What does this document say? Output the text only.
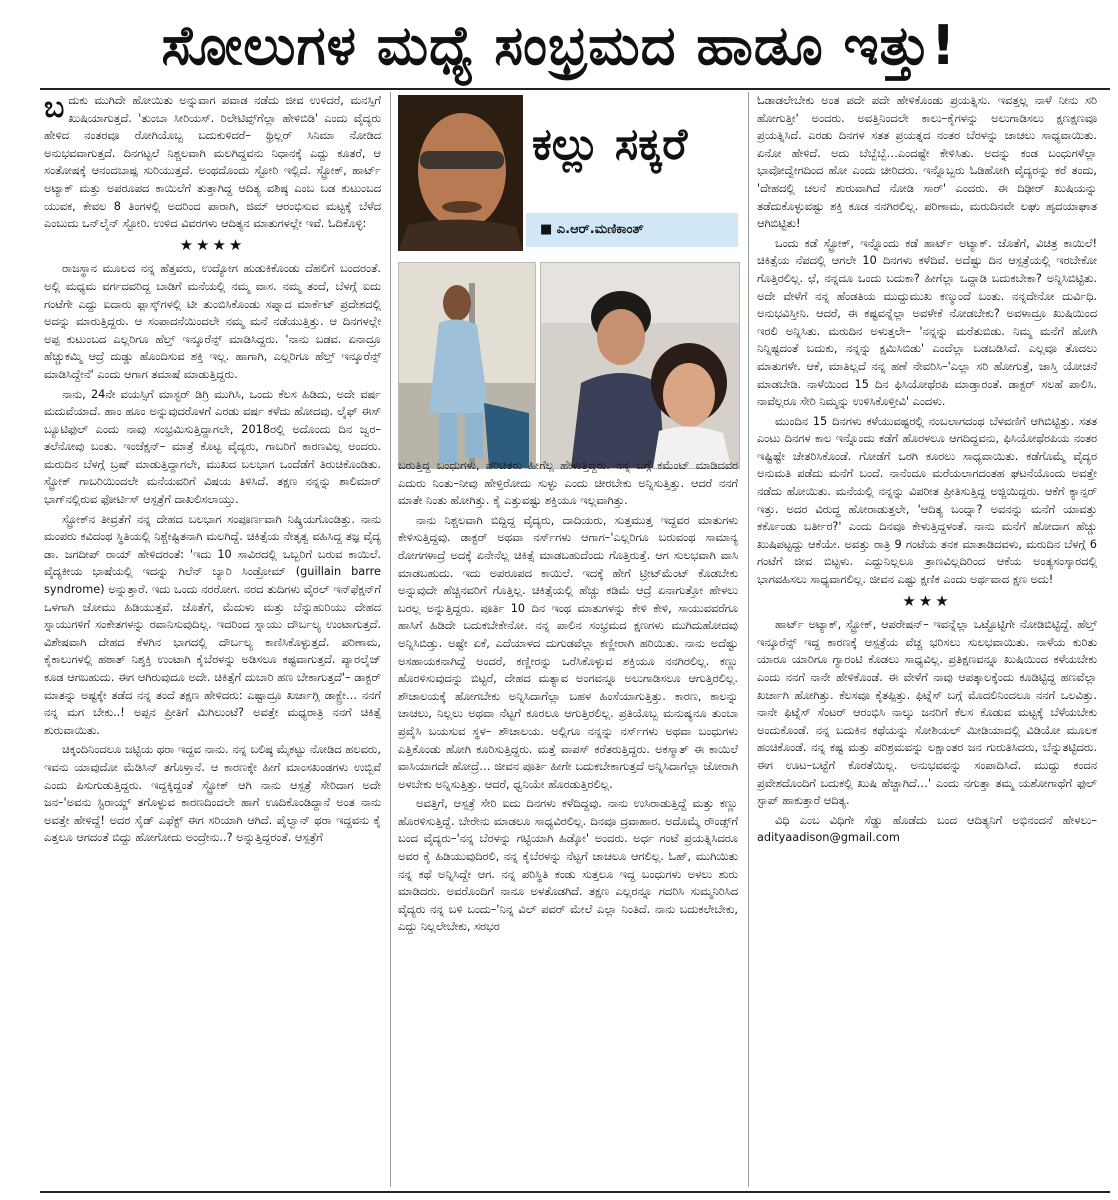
ಸೋಲುಗಳ ಮಧ್ಯೆ ಸಂಭ್ರಮದ ಹಾಡೂ ಇತ್ತು!

ಬದುಕು ಮುಗಿದೇ ಹೋಯಿತು ಅನ್ನುವಾಗ ಪವಾಡ ನಡೆದು ಜೀವ ಉಳಿದರೆ, ಮನಸ್ಸಿಗೆ ಖುಷಿಯಾಗುತ್ತದೆ. 'ತುಂಬಾ ಸೀರಿಯಸ್. ರಿಲೇಟಿವ್ಸ್‌ಗೆಲ್ಲಾ ಹೇಳಿಬಿಡಿ' ಎಂದು ವೈದ್ಯರು ಹೇಳಿದ ನಂತರವೂ ರೋಗಿಯೊಬ್ಬ ಬದುಕುಳಿದರೆ– ಥ್ರಿಲ್ಲರ್ ಸಿನಿಮಾ ನೋಡಿದ ಅನುಭವವಾಗುತ್ತದೆ. ದಿನಗಟ್ಟಲೆ ನಿಶ್ಚಲವಾಗಿ ಮಲಗಿದ್ದವನು ನಿಧಾನಕ್ಕೆ ಎದ್ದು ಕೂತರೆ, ಆ ಸಂತೋಷಕ್ಕೆ ಆನಂದಬಾಷ್ಪ ಸುರಿಯುತ್ತದೆ. ಅಂಥದೊಂದು ಸ್ಟೋರಿ ಇಲ್ಲಿದೆ. ಸ್ಟ್ರೋಕ್, ಹಾರ್ಟ್ ಅಟ್ಯಾಕ್ ಮತ್ತು ಅಪರೂಪದ ಕಾಯಿಲೆಗೆ ತುತ್ತಾಗಿದ್ದ ಆದಿತ್ಯ ವಶಿಷ್ಠ ಎಂಬ ಬಡ ಕುಟುಂಬದ ಯುವಕ, ಕೇವಲ 8 ತಿಂಗಳಲ್ಲಿ ಅದರಿಂದ ಪಾರಾಗಿ, ಜಿಮ್ ಆರಂಭಿಸುವ ಮಟ್ಟಕ್ಕೆ ಬೆಳೆದ ಎಂಬುದು ಒನ್‌ಲೈನ್ ಸ್ಟೋರಿ. ಉಳಿದ ವಿವರಗಳು ಆದಿತ್ಯನ ಮಾತುಗಳಲ್ಲೇ ಇವೆ. ಓದಿಕೊಳ್ಳಿ:

★★★★

ರಾಜಸ್ಥಾನ ಮೂಲದ ನನ್ನ ಹೆತ್ತವರು, ಉದ್ಯೋಗ ಹುಡುಕಿಕೊಂಡು ದೆಹಲಿಗೆ ಬಂದರಂತೆ. ಅಲ್ಲಿ ಮಧ್ಯಮ ವರ್ಗದವರಿದ್ದ ಬಾಡಿಗೆ ಮನೆಯಲ್ಲಿ ನಮ್ಮ ವಾಸ. ನಮ್ಮ ತಂದೆ, ಬೆಳಗ್ಗೆ ಐದು ಗಂಟೆಗೇ ಎದ್ದು ಐದಾರು ಫ್ಲಾಸ್ಕ್‌ಗಳಲ್ಲಿ ಟೀ ತುಂಬಿಸಿಕೊಂಡು ಸಪ್ನಾದ ಮಾರ್ಕೆಟ್ ಪ್ರದೇಶದಲ್ಲಿ ಅದನ್ನು ಮಾರುತ್ತಿದ್ದರು. ಆ ಸಂಪಾದನೆಯಿಂದಲೇ ನಮ್ಮ ಮನೆ ನಡೆಯುತ್ತಿತ್ತು. ಆ ದಿನಗಳಲ್ಲೇ ಅಪ್ಪ ಕುಟುಂಬದ ಎಲ್ಲರಿಗೂ ಹೆಲ್ತ್ ಇನ್ಶೂರೆನ್ಸ್ ಮಾಡಿಸಿದ್ದರು. 'ನಾನು ಬಡವ. ಏನಾದ್ರೂ ಹೆಚ್ಚುಕಮ್ಮಿ ಆದ್ರೆ ದುಡ್ಡು ಹೊಂದಿಸುವ ಶಕ್ತಿ ಇಲ್ಲ. ಹಾಗಾಗಿ, ಎಲ್ಲರಿಗೂ ಹೆಲ್ತ್ ಇನ್ಶೂರೆನ್ಸ್ ಮಾಡಿಸಿದ್ದೇನೆ' ಎಂದು ಆಗಾಗ ತಮಾಷೆ ಮಾಡುತ್ತಿದ್ದರು.

ನಾನು, 24ನೇ ವಯಸ್ಸಿಗೆ ಮಾಸ್ಟರ್ ಡಿಗ್ರಿ ಮುಗಿಸಿ, ಒಂದು ಕೆಲಸ ಹಿಡಿದು, ಅದೇ ವರ್ಷ ಮದುವೆಯಾದೆ. ಹಾಂ ಹೂಂ ಅನ್ನುವುದರೊಳಗೆ ಎರಡು ವರ್ಷ ಕಳೆದು ಹೋದವು. ಲೈಫ್ ಈಸ್ ಬ್ಯೂಟಿಫುಲ್ ಎಂದು ನಾವು ಸಂಭ್ರಮಿಸುತ್ತಿದ್ದಾಗಲೇ, 2018ರಲ್ಲಿ ಅದೊಂದು ದಿನ ಜ್ವರ–ತಲೆನೋವು ಬಂತು. ಇಂಜೆಕ್ಷನ್– ಮಾತ್ರೆ ಕೊಟ್ಟ ವೈದ್ಯರು, ಗಾಬರಿಗೆ ಕಾರಣವಿಲ್ಲ ಅಂದರು. ಮರುದಿನ ಬೆಳಗ್ಗೆ ಬ್ರಷ್ ಮಾಡುತ್ತಿದ್ದಾಗಲೇ, ಮುಖದ ಬಲಭಾಗ ಒಂದೆಡೆಗೆ ತಿರುಚಿಕೊಂಡಿತು. ಸ್ಟ್ರೋಕ್ ಗಾಬರಿಯಿಂದಲೇ ಮನೆಯವರಿಗೆ ವಿಷಯ ತಿಳಿಸಿದೆ. ತಕ್ಷಣ ನನ್ನನ್ನು ಶಾಲಿಮಾರ್ ಭಾಗ್‌ನಲ್ಲಿರುವ ಫೋರ್ಟಿಸ್ ಆಸ್ಪತ್ರೆಗೆ ದಾಖಲಿಸಲಾಯ್ತು.

ಸ್ಟ್ರೋಕ್‌ನ ತೀವ್ರತೆಗೆ ನನ್ನ ದೇಹದ ಬಲಭಾಗ ಸಂಪೂರ್ಣವಾಗಿ ನಿಷ್ಕ್ರಿಯಗೊಂಡಿತ್ತು. ನಾನು ಮಂಪರು ಕವಿದಂಥ ಸ್ಥಿತಿಯಲ್ಲಿ ನಿಶ್ಚೇಷ್ಟಿತನಾಗಿ ಮಲಗಿದ್ದೆ. ಚಿಕಿತ್ಸೆಯ ನೇತೃತ್ವ ವಹಿಸಿದ್ದ ತಜ್ಞ ವೈದ್ಯ ಡಾ. ಜಗದೀಪ್ ರಾಯ್ ಹೇಳಿದರಂತೆ: 'ಇದು 10 ಸಾವಿರದಲ್ಲಿ ಒಬ್ಬರಿಗೆ ಬರುವ ಕಾಯಿಲೆ. ವೈದ್ಯಕೀಯ ಭಾಷೆಯಲ್ಲಿ ಇದನ್ನು ಗಿಲೆನ್ ಬ್ಯಾರಿ ಸಿಂಡ್ರೋಮ್ (guillain barre syndrome) ಅನ್ನುತ್ತಾರೆ. ಇದು ಒಂದು ನರರೋಗ. ನರದ ತುದಿಗಳು ವೈರಲ್ ಇನ್‌ಫೆಕ್ಷನ್‌ಗೆ ಒಳಗಾಗಿ ಜೋಮು ಹಿಡಿಯುತ್ತವೆ. ಜೊತೆಗೆ, ಮೆದುಳು ಮತ್ತು ಬೆನ್ನುಹುರಿಯು ದೇಹದ ಸ್ನಾಯುಗಳಿಗೆ ಸಂಕೇತಗಳನ್ನು ರವಾನಿಸುವುದಿಲ್ಲ. ಇದರಿಂದ ಸ್ನಾಯು ದೌರ್ಬಲ್ಯ ಉಂಟಾಗುತ್ತದೆ. ವಿಶೇಷವಾಗಿ ದೇಹದ ಕೆಳಗಿನ ಭಾಗದಲ್ಲಿ ದೌರ್ಬಲ್ಯ ಕಾಣಿಸಿಕೊಳ್ಳುತ್ತದೆ. ಪರಿಣಾಮ, ಕೈಕಾಲುಗಳಲ್ಲಿ ಹಠಾತ್ ನಿಶ್ಶಕ್ತಿ ಉಂಟಾಗಿ ಕೈಬೆರಳನ್ನು ಅಡಿಸಲೂ ಕಷ್ಟವಾಗುತ್ತದೆ. ಪ್ಯಾರಲೈಜ್ ಕೂಡ ಆಗಬಹುದು. ಈಗ ಆಗಿರುವುದೂ ಅದೇ. ಚಿಕಿತ್ಸೆಗೆ ದುಬಾರಿ ಹಣ ಬೇಕಾಗುತ್ತದೆ'– ಡಾಕ್ಟರ್ ಮಾತನ್ನು ಅಷ್ಟಕ್ಕೇ ತಡೆದ ನನ್ನ ತಂದೆ ತಕ್ಷಣ ಹೇಳಿದರು: ಎಷ್ಟಾದ್ರೂ ಖರ್ಚಾಗ್ಲಿ ಡಾಕ್ಟ್ರೇ… ನನಗೆ ನನ್ನ ಮಗ ಬೇಕು..! ಅಪ್ಪನ ಪ್ರೀತಿಗೆ ಮಿಗಿಲುಂಟೆ? ಅವತ್ತೇ ಮಧ್ಯರಾತ್ರಿ ನನಗೆ ಚಿಕಿತ್ಸೆ ಶುರುವಾಯಿತು.

ಚಿಕ್ಕಂದಿನಿಂದಲೂ ಜಟ್ಟಿಯ ಥರಾ ಇದ್ದವ ನಾನು. ನನ್ನ ಬಲಿಷ್ಠ ಮೈಕಟ್ಟು ನೋಡಿದ ಹಲವರು, ಇವನು ಯಾವುದೋ ಮೆಡಿಸಿನ್ ತಗೊಳ್ತಾನೆ. ಆ ಕಾರಣಕ್ಕೇ ಹೀಗೆ ಮಾಂಸಖಂಡಗಳು ಉಬ್ಬಿವೆ ಎಂದು ಪಿಸುಗುಡುತ್ತಿದ್ದರು. ಇದ್ದಕ್ಕಿದ್ದಂತೆ ಸ್ಟ್ರೋಕ್ ಆಗಿ ನಾನು ಆಸ್ಪತ್ರೆ ಸೇರಿದಾಗ ಅದೇ ಜನ–'ಅವನು ಸ್ಟಿರಾಯ್ಡ್ ತಗೊಳ್ಳುವ ಕಾರಣದಿಂದಲೇ ಹಾಗೆ ಊದಿಕೊಂಡಿದ್ದಾನೆ ಅಂತ ನಾನು ಅವತ್ತೇ ಹೇಳಿದ್ದೆ! ಅದರ ಸೈಡ್ ಎಫೆಕ್ಟ್ ಈಗ ಸರಿಯಾಗಿ ಆಗಿದೆ. ಪೈಲ್ವಾನ್ ಥರಾ ಇದ್ದವನು ಕೈ ಎತ್ತಲೂ ಆಗದಂತೆ ಬಿದ್ದು ಹೋಗೋದು ಅಂದ್ರೇನು..? ಅನ್ನುತ್ತಿದ್ದರಂತೆ. ಆಸ್ಪತ್ರೆಗೆ

ಕಲ್ಲು ಸಕ್ಕರೆ
■ ಎ.ಆರ್.ಮಣಿಕಾಂತ್

ಬರುತ್ತಿದ್ದ ಬಂಧುಗಳು, ಪರಿಚಿತರು ಹೀಗೆಲ್ಲ ಹೇಳುತ್ತಿದ್ದರು. ನನ್ನ ಬಗ್ಗೆ ಕಮೆಂಟ್ ಮಾಡಿದವರ ಎದುರು ನಿಂತು–ನೀವು ಹೇಳ್ತಿರೋದು ಸುಳ್ಳು ಎಂದು ಚೀರಬೇಕು ಅನ್ನಿಸುತ್ತಿತ್ತು. ಆದರೆ ನನಗೆ ಮಾತೇ ನಿಂತು ಹೋಗಿತ್ತು. ಕೈ ಎತ್ತುವಷ್ಟು ಶಕ್ತಿಯೂ ಇಲ್ಲವಾಗಿತ್ತು.

ನಾನು ನಿಶ್ಚಲವಾಗಿ ಬಿದ್ದಿದ್ದ ವೈದ್ಯರು, ದಾದಿಯರು, ಸುತ್ತಮುತ್ತ ಇದ್ದವರ ಮಾತುಗಳು ಕೇಳಿಸುತ್ತಿದ್ದವು. ಡಾಕ್ಟರ್ ಅಥವಾ ನರ್ಸ್‌ಗಳು ಆಗಾಗ–'ಎಲ್ಲರಿಗೂ ಬರುವಂಥ ಸಾಮಾನ್ಯ ರೋಗಗಳಾದ್ರೆ ಅದಕ್ಕೆ ಏನೇನೆಲ್ಲ ಚಿಕಿತ್ಸೆ ಮಾಡಬಹುದೆಂದು ಗೊತ್ತಿರುತ್ತೆ. ಆಗ ಸುಲಭವಾಗಿ ವಾಸಿ ಮಾಡಬಹುದು. ಇದು ಅಪರೂಪದ ಕಾಯಿಲೆ. ಇದಕ್ಕೆ ಹೇಗೆ ಟ್ರೀಟ್‌ಮೆಂಟ್ ಕೊಡಬೇಕು ಅನ್ನುವುದೇ ಹೆಚ್ಚಿನವರಿಗೆ ಗೊತ್ತಿಲ್ಲ. ಚಿಕಿತ್ಸೆಯಲ್ಲಿ ಹೆಚ್ಚು ಕಡಿಮೆ ಆದ್ರೆ ಏನಾಗುತ್ತೋ ಹೇಳಲು ಬರಲ್ಲ ಅನ್ನುತ್ತಿದ್ದರು. ಪೂರ್ತಿ 10 ದಿನ ಇಂಥ ಮಾತುಗಳನ್ನು ಕೇಳಿ ಕೇಳಿ, ಸಾಯುವವರೆಗೂ ಹಾಸಿಗೆ ಹಿಡಿದೇ ಬದುಕಬೇಕೇನೋ. ನನ್ನ ಪಾಲಿನ ಸಂಭ್ರಮದ ಕ್ಷಣಗಳು ಮುಗಿದುಹೋದವು ಅನ್ನಿಸಿಬಿಡ್ತು. ಅಷ್ಟೇ ಏಕೆ, ಎದೆಯಾಳದ ದುಗುಡವೆಲ್ಲಾ ಕಣ್ಣೀರಾಗಿ ಹರಿಯಿತು. ನಾನು ಅದೆಷ್ಟು ಅಸಹಾಯಕನಾಗಿದ್ದೆ ಅಂದರೆ, ಕಣ್ಣೀರನ್ನು ಒರೆಸಿಕೊಳ್ಳುವ ಶಕ್ತಿಯೂ ನನಗಿರಲಿಲ್ಲ. ಕಣ್ಣು ಹೊರಳಿಸುವುದನ್ನು ಬಿಟ್ಟರೆ, ದೇಹದ ಮತ್ಯಾವ ಅಂಗವನ್ನೂ ಅಲುಗಾಡಿಸಲೂ ಆಗುತ್ತಿರಲಿಲ್ಲ. ಶೌಚಾಲಯಕ್ಕೆ ಹೋಗಬೇಕು ಅನ್ನಿಸಿದಾಗೆಲ್ಲಾ ಬಹಳ ಹಿಂಸೆಯಾಗುತ್ತಿತ್ತು. ಕಾರಣ, ಕಾಲನ್ನು ಚಾಚಲು, ನಿಲ್ಲಲು ಅಥವಾ ನೆಟ್ಟಗೆ ಕೂರಲೂ ಆಗುತ್ತಿರಲಿಲ್ಲ. ಪ್ರತಿಯೊಬ್ಬ ಮನುಷ್ಯನೂ ತುಂಬಾ ಪ್ರವೈಸಿ ಬಯಸುವ ಸ್ಥಳ– ಶೌಚಾಲಯ. ಅಲ್ಲಿಗೂ ನನ್ನನ್ನು ನರ್ಸ್‌ಗಳು ಅಥವಾ ಬಂಧುಗಳು ಎತ್ತಿಕೊಂಡು ಹೋಗಿ ಕೂರಿಸುತ್ತಿದ್ದರು. ಮತ್ತೆ ವಾಪಸ್ ಕರೆತರುತ್ತಿದ್ದರು. ಅಕಸ್ಮಾತ್ ಈ ಕಾಯಿಲೆ ವಾಸಿಯಾಗದೇ ಹೋದ್ರೆ… ಜೀವನ ಪೂರ್ತಿ ಹೀಗೇ ಬದುಕಬೇಕಾಗುತ್ತದೆ ಅನ್ನಿಸಿದಾಗೆಲ್ಲಾ ಜೋರಾಗಿ ಅಳಬೇಕು ಅನ್ನಿಸುತ್ತಿತ್ತು. ಆದರೆ, ಧ್ವನಿಯೇ ಹೊರಡುತ್ತಿರಲಿಲ್ಲ.

ಅವತ್ತಿಗೆ, ಆಸ್ಪತ್ರೆ ಸೇರಿ ಐದು ದಿನಗಳು ಕಳೆದಿದ್ದವು. ನಾನು ಉಸಿರಾಡುತ್ತಿದ್ದೆ ಮತ್ತು ಕಣ್ಣು ಹೊರಳಿಸುತ್ತಿದ್ದೆ. ಬೇರೇನು ಮಾಡಲೂ ಸಾಧ್ಯವಿರಲಿಲ್ಲ. ದಿನವೂ ದ್ರವಾಹಾರ. ಅದೊಮ್ಮೆ ರೌಂಡ್ಸ್‌ಗೆ ಬಂದ ವೈದ್ಯರು–'ನನ್ನ ಬೆರಳನ್ನು ಗಟ್ಟಿಯಾಗಿ ಹಿಡ್ಕೋ' ಅಂದರು. ಅರ್ಧ ಗಂಟೆ ಪ್ರಯತ್ನಿಸಿದರೂ ಅವರ ಕೈ ಹಿಡಿಯುವುದಿರಲಿ, ನನ್ನ ಕೈಬೆರಳನ್ನು ನೆಟ್ಟಗೆ ಚಾಚಲೂ ಆಗಲಿಲ್ಲ. ಓಹ್, ಮುಗಿಯಿತು ನನ್ನ ಕಥೆ ಅನ್ನಿಸಿದ್ದೇ ಆಗ. ನನ್ನ ಪರಿಸ್ಥಿತಿ ಕಂಡು ಸುತ್ತಲೂ ಇದ್ದ ಬಂಧುಗಳು ಅಳಲು ಶುರು ಮಾಡಿದರು. ಅವರೊಂದಿಗೆ ನಾನೂ ಅಳತೊಡಗಿದೆ. ತಕ್ಷಣ ಎಲ್ಲರನ್ನೂ ಗದರಿಸಿ ಸುಮ್ಮನಿರಿಸಿದ ವೈದ್ಯರು ನನ್ನ ಬಳಿ ಬಂದು–'ನಿನ್ನ ವಿಲ್ ಪವರ್ ಮೇಲೆ ಎಲ್ಲಾ ನಿಂತಿದೆ. ನಾನು ಬದುಕಲೇಬೇಕು, ಎದ್ದು ನಿಲ್ಲಲೇಬೇಕು, ಸರಭರ

ಓಡಾಡಲೇಬೇಕು ಅಂತ ಪದೇ ಪದೇ ಹೇಳಿಕೊಂಡು ಪ್ರಯತ್ನಿಸು. ಇವತ್ತಲ್ಲ ನಾಳೆ ನೀನು ಸರಿ ಹೋಗುತ್ತೀ' ಅಂದರು. ಅವತ್ತಿನಿಂದಲೇ ಕಾಲು–ಕೈಗಳನ್ನು ಅಲುಗಾಡಿಸಲು ಕ್ಷಣಕ್ಷಣವೂ ಪ್ರಯತ್ನಿಸಿದೆ. ಎರಡು ದಿನಗಳ ಸತತ ಪ್ರಯತ್ನದ ನಂತರ ಬೆರಳನ್ನು ಚಾಚಲು ಸಾಧ್ಯವಾಯಿತು. ಏನೋ ಹೇಳಿದೆ. ಅದು ಬೆಬ್ಬೆಬ್ಬೆ…ಎಂದಷ್ಟೇ ಕೇಳಿಸಿತು. ಅದನ್ನು ಕಂಡ ಬಂಧುಗಳೆಲ್ಲಾ ಭಾವೋದ್ವೇಗದಿಂದ ಹೋ ಎಂದು ಚೀರಿದರು. ಇನ್ನೊಬ್ಬರು ಓಡಿಹೋಗಿ ವೈದ್ಯರನ್ನು ಕರೆ ತಂದು, 'ದೇಹದಲ್ಲಿ ಚಲನೆ ಶುರುವಾಗಿದೆ ನೋಡಿ ಸಾರ್' ಎಂದರು. ಈ ದಿಢೀರ್ ಖುಷಿಯನ್ನು ತಡೆದುಕೊಳ್ಳುವಷ್ಟು ಶಕ್ತಿ ಕೂಡ ನನಗಿರಲಿಲ್ಲ. ಪರಿಣಾಮ, ಮರುದಿನವೇ ಲಘು ಹೃದಯಾಘಾತ ಆಗಿಬಿಟ್ಟಿತು!

ಒಂದು ಕಡೆ ಸ್ಟ್ರೋಕ್, ಇನ್ನೊಂದು ಕಡೆ ಹಾರ್ಟ್ ಅಟ್ಯಾಕ್. ಜೊತೆಗೆ, ವಿಚಿತ್ರ ಕಾಯಿಲೆ! ಚಿಕಿತ್ಸೆಯ ನೆಪದಲ್ಲಿ ಆಗಲೇ 10 ದಿನಗಳು ಕಳೆದಿವೆ. ಅದೆಷ್ಟು ದಿನ ಆಸ್ಪತ್ರೆಯಲ್ಲಿ ಇರಬೇಕೋ ಗೊತ್ತಿರಲಿಲ್ಲ. ಛೆ, ನನ್ನದೂ ಒಂದು ಬದುಕಾ? ಹೀಗೆಲ್ಲಾ ಒದ್ದಾಡಿ ಬದುಕಬೇಕಾ? ಅನ್ನಿಸಿಬಿಟ್ಟಿತು. ಅದೇ ವೇಳೆಗೆ ನನ್ನ ಹೆಂಡತಿಯ ಮುದ್ದುಮುಖ ಕಣ್ಮುಂದೆ ಬಂತು. ನನ್ನದೇನೋ ದುರ್ವಿಧಿ. ಅನುಭವಿಸ್ತೀನಿ. ಆದರೆ, ಈ ಕಷ್ಟವನ್ನೆಲ್ಲಾ ಅವಳೇಕೆ ನೋಡಬೇಕು? ಅವಳಾದ್ರೂ ಖುಷಿಯಿಂದ ಇರಲಿ ಅನ್ನಿಸಿತು. ಮರುದಿನ ಅಳುತ್ತಲೇ– 'ನನ್ನನ್ನು ಮರೆತುಬಿಡು. ನಿಮ್ಮ ಮನೆಗೆ ಹೋಗಿ ನಿನ್ನಿಷ್ಟದಂತೆ ಬದುಕು, ನನ್ನನ್ನು ಕ್ಷಮಿಸಿಬಿಡು' ಎಂದೆಲ್ಲಾ ಬಡಬಡಿಸಿದೆ. ಎಲ್ಲವೂ ತೊದಲು ಮಾತುಗಳೇ. ಆಕೆ, ಮಾತಿಲ್ಲದೆ ನನ್ನ ಹಣೆ ನೇವರಿಸಿ–'ಎಲ್ಲಾ ಸರಿ ಹೋಗುತ್ತೆ, ಜಾಸ್ತಿ ಯೋಚನೆ ಮಾಡಬೇಡಿ. ನಾಳೆಯಿಂದ 15 ದಿನ ಫಿಸಿಯೋಥೆರಪಿ ಮಾಡ್ತಾರಂತೆ. ಡಾಕ್ಟರ್ ಸಲಹೆ ಪಾಲಿಸಿ. ನಾವೆಲ್ಲರೂ ಸೇರಿ ನಿಮ್ಮನ್ನು ಉಳಿಸಿಕೊಳ್ತೀವಿ' ಎಂದಳು.

ಮುಂದಿನ 15 ದಿನಗಳು ಕಳೆಯುವಷ್ಟರಲ್ಲಿ ನಂಬಲಾಗದಂಥ ಬೆಳವಣಿಗೆ ಆಗಿಬಿಟ್ಟಿತ್ತು. ಸತತ ಎಂಟು ದಿನಗಳ ಕಾಲ ಇನ್ನೊಂದು ಕಡೆಗೆ ಹೊರಳಲೂ ಆಗದಿದ್ದವನು, ಫಿಸಿಯೋಥೆರಪಿಯ ನಂತರ ಇಷ್ಟಿಷ್ಟೇ ಚೇತರಿಸಿಕೊಂಡೆ. ಗೋಡೆಗೆ ಒರಗಿ ಕೂರಲು ಸಾಧ್ಯವಾಯಿತು. ಕಡೆಗೊಮ್ಮೆ ವೈದ್ಯರ ಅನುಮತಿ ಪಡೆದು ಮನೆಗೆ ಬಂದೆ. ನಾನೆಂದೂ ಮರೆಯಲಾಗದಂತಹ ಘಟನೆಯೊಂದು ಅವತ್ತೇ ನಡೆದು ಹೋಯಿತು. ಮನೆಯಲ್ಲಿ ನನ್ನನ್ನು ವಿಪರೀತ ಪ್ರೀತಿಸುತ್ತಿದ್ದ ಅಜ್ಜಿಯಿದ್ದರು. ಆಕೆಗೆ ಕ್ಯಾನ್ಸರ್ ಇತ್ತು. ಅದರ ವಿರುದ್ಧ ಹೋರಾಡುತ್ತಲೇ, 'ಆದಿತ್ಯ ಬಂದ್ನಾ? ಅವನನ್ನು ಮನೆಗೆ ಯಾವತ್ತು ಕರ್ಕೊಂಡು ಬರ್ತೀರ?' ಎಂದು ದಿನವೂ ಕೇಳುತ್ತಿದ್ದಳಂತೆ. ನಾನು ಮನೆಗೆ ಹೋದಾಗ ಹೆಚ್ಚು ಖುಷಿಪಟ್ಟದ್ದು ಆಕೆಯೇ. ಅವತ್ತು ರಾತ್ರಿ 9 ಗಂಟೆಯ ತನಕ ಮಾತಾಡಿದವಳು, ಮರುದಿನ ಬೆಳಗ್ಗೆ 6 ಗಂಟೆಗೆ ಜೀವ ಬಿಟ್ಟಳು. ಎದ್ದುನಿಲ್ಲಲೂ ತ್ರಾಣವಿಲ್ಲದಿರಿಂದ ಆಕೆಯ ಅಂತ್ಯಸಂಸ್ಕಾರದಲ್ಲಿ ಭಾಗವಹಿಸಲು ಸಾಧ್ಯವಾಗಲಿಲ್ಲ. ಜೀವನ ಎಷ್ಟು ಕ್ಷಣಿಕ ಎಂದು ಅರ್ಥವಾದ ಕ್ಷಣ ಅದು!

★★★

ಹಾರ್ಟ್ ಅಟ್ಯಾಕ್, ಸ್ಟ್ರೋಕ್, ಆಪರೇಷನ್– ಇವನ್ನೆಲ್ಲಾ ಒಟ್ಟೊಟ್ಟಿಗೇ ನೋಡಿಬಿಟ್ಟಿದ್ದೆ. ಹೆಲ್ತ್ ಇನ್ಶೂರೆನ್ಸ್ ಇದ್ದ ಕಾರಣಕ್ಕೆ ಆಸ್ಪತ್ರೆಯ ವೆಚ್ಚ ಭರಿಸಲು ಸುಲಭವಾಯಿತು. ನಾಳೆಯ ಕುರಿತು ಯಾರೂ ಯಾರಿಗೂ ಗ್ಯಾರಂಟಿ ಕೊಡಲು ಸಾಧ್ಯವಿಲ್ಲ. ಪ್ರತಿಕ್ಷಣವನ್ನೂ ಖುಷಿಯಿಂದ ಕಳೆಯಬೇಕು ಎಂದು ನನಗೆ ನಾನೇ ಹೇಳಿಕೊಂಡೆ. ಈ ವೇಳೆಗೆ ನಾವು ಆಪತ್ಕಾಲಕ್ಕೆಂದು ಕೂಡಿಟ್ಟಿದ್ದ ಹಣವೆಲ್ಲಾ ಖರ್ಚಾಗಿ ಹೋಗಿತ್ತು. ಕೆಲಸವೂ ಕೈತಪ್ಪಿತ್ತು. ಫಿಟ್ನೆಸ್ ಬಗ್ಗೆ ಮೊದಲಿನಿಂದಲೂ ನನಗೆ ಒಲವಿತ್ತು. ನಾನೇ ಫಿಟ್ನೆಸ್ ಸೆಂಟರ್ ಆರಂಭಿಸಿ ನಾಲ್ಕು ಜನರಿಗೆ ಕೆಲಸ ಕೊಡುವ ಮಟ್ಟಕ್ಕೆ ಬೆಳೆಯಬೇಕು ಅಂದುಕೊಂಡೆ. ನನ್ನ ಬದುಕಿನ ಕಥೆಯನ್ನು ಸೋಶಿಯಲ್ ಮೀಡಿಯಾದಲ್ಲಿ ವಿಡಿಯೋ ಮೂಲಕ ಹಂಚಿಕೊಂಡೆ. ನನ್ನ ಕಷ್ಟ ಮತ್ತು ಪರಿಶ್ರಮವನ್ನು ಲಕ್ಷಾಂತರ ಜನ ಗುರುತಿಸಿದರು, ಬೆನ್ನುತಟ್ಟಿದರು. ಈಗ ಊಟ–ಬಟ್ಟೆಗೆ ಕೊರತೆಯಿಲ್ಲ. ಅನುಭವವನ್ನು ಸಂಪಾದಿಸಿದೆ. ಮುದ್ದು ಕಂದನ ಪ್ರವೇಶದೊಂದಿಗೆ ಬದುಕಲ್ಲಿ ಖುಷಿ ಹೆಚ್ಚಾಗಿದೆ…' ಎಂದು ನಗುತ್ತಾ ತಮ್ಮ ಯಶೋಗಾಥೆಗೆ ಫುಲ್ ಸ್ಟಾಪ್ ಹಾಕುತ್ತಾರೆ ಆದಿತ್ಯ.

ವಿಧಿ ಎಂಬ ವಿಧಿಗೇ ಸೆಡ್ಡು ಹೊಡೆದು ಬಂದ ಆದಿತ್ಯನಿಗೆ ಅಭಿನಂದನೆ ಹೇಳಲು–adityaadison@gmail.com
